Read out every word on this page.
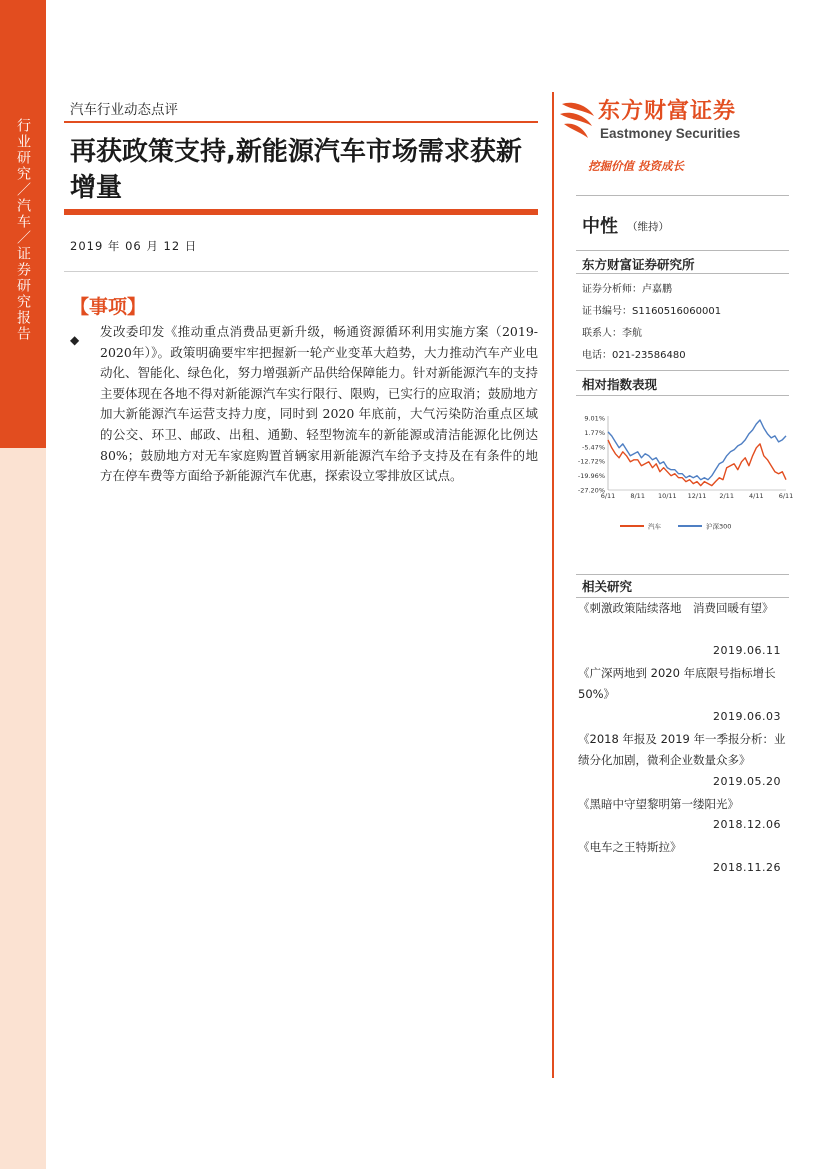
行业研究／汽车／证券研究报告
汽车行业动态点评
再获政策支持,新能源汽车市场需求获新增量
2019 年 06 月 12 日
【事项】
◆
发改委印发《推动重点消费品更新升级，畅通资源循环利用实施方案（2019-2020年）》。政策明确要牢牢把握新一轮产业变革大趋势，大力推动汽车产业电动化、智能化、绿色化，努力增强新产品供给保障能力。针对新能源汽车的支持主要体现在各地不得对新能源汽车实行限行、限购，已实行的应取消；鼓励地方加大新能源汽车运营支持力度，同时到 2020 年底前，大气污染防治重点区域的公交、环卫、邮政、出租、通勤、轻型物流车的新能源或清洁能源化比例达 80%；鼓励地方对无车家庭购置首辆家用新能源汽车给予支持及在有条件的地方在停车费等方面给予新能源汽车优惠，探索设立零排放区试点。
东方财富证券
Eastmoney Securities
挖掘价值 投资成长
中性 （维持）
东方财富证券研究所
证券分析师：卢嘉鹏
证书编号：S1160516060001
联系人：李航
电话：021-23586480
相对指数表现
9.01%
1.77%
-5.47%
-12.72%
-19.96%
-27.20%
6/11 8/11 10/11 12/11 2/11 4/11 6/11
汽车	沪深300
相关研究
《刺激政策陆续落地　消费回暖有望》
2019.06.11
《广深两地到 2020 年底限号指标增长 50%》
2019.06.03
《2018 年报及 2019 年一季报分析：业绩分化加剧，微利企业数量众多》
2019.05.20
《黑暗中守望黎明第一缕阳光》
2018.12.06
《电车之王特斯拉》
2018.11.26
